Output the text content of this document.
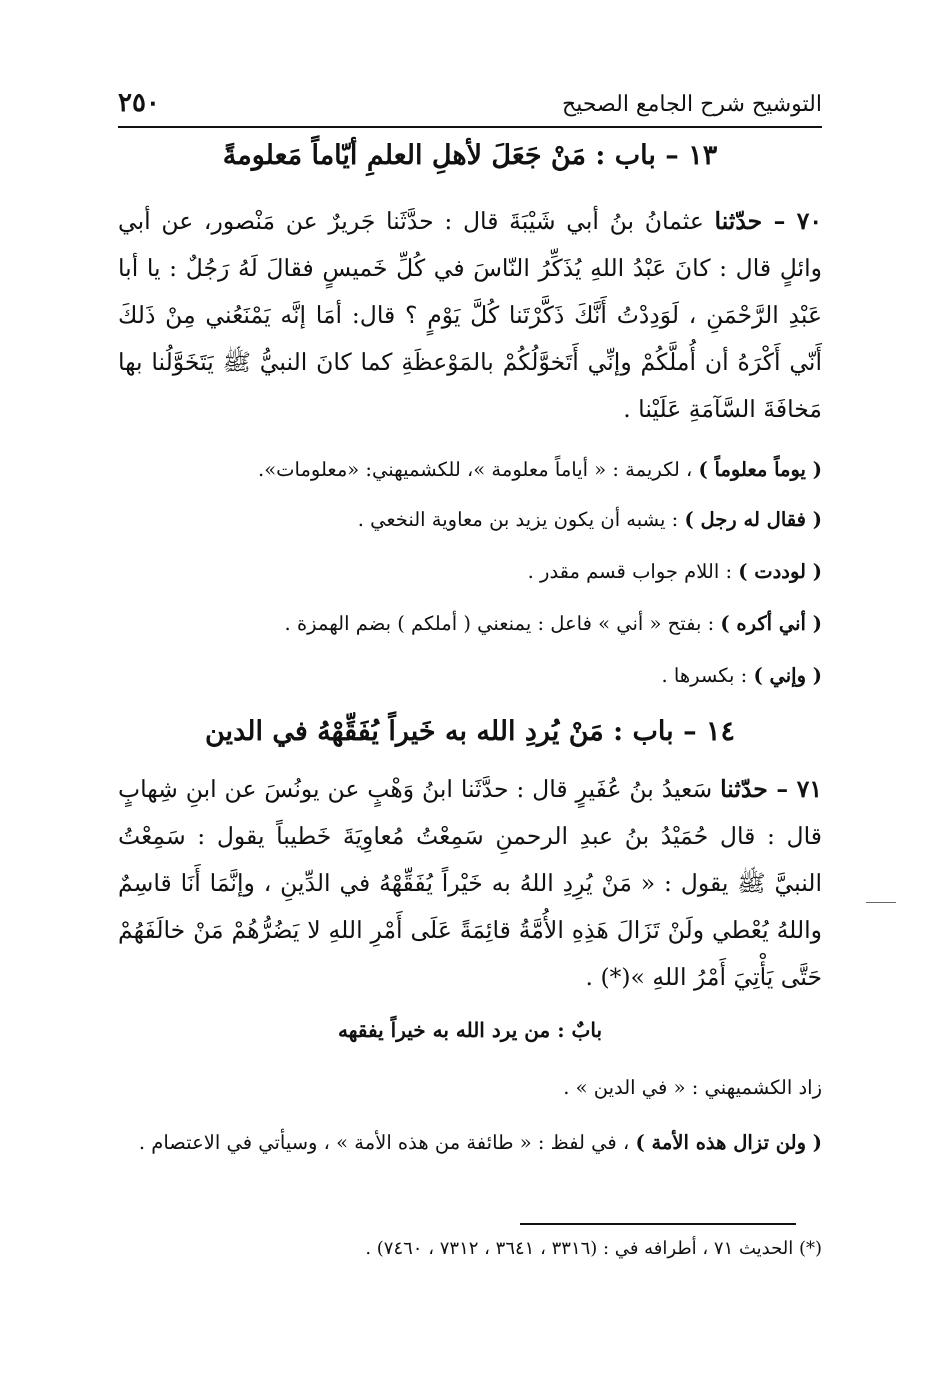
٢٥٠	التوشيح شرح الجامع الصحيح
١٣ – باب : مَنْ جَعَلَ لأهلِ العلمِ أيّاماً مَعلومةً
٧٠ – حدّثنا عثمانُ بنُ أبي شَيْبَةَ قال : حدَّثَنا جَريرٌ عن مَنْصور، عن أبي وائلٍ قال : كانَ عَبْدُ اللهِ يُذَكِّرُ النّاسَ في كُلِّ خَميسٍ فقالَ لَهُ رَجُلٌ : يا أبا عَبْدِ الرَّحْمَنِ ، لَوَدِدْتُ أَنَّكَ ذَكَّرْتَنا كُلَّ يَوْمٍ ؟ قال: أمَا إنَّه يَمْنَعُني مِنْ ذَلكَ أَنّي أَكْرَهُ أن أُملَّكُمْ وإنِّي أَتَخوَّلُكُمْ بالمَوْعظَةِ كما كانَ النبيُّ ﷺ يَتَخَوَّلُنا بها مَخافَةَ السَّآمَةِ عَلَيْنا .
( يوماً معلوماً ) ، لكريمة : « أياماً معلومة »، للكشميهني: «معلومات».
( فقال له رجل ) : يشبه أن يكون يزيد بن معاوية النخعي .
( لوددت ) : اللام جواب قسم مقدر .
( أني أكره ) : بفتح « أني » فاعل : يمنعني ( أملكم ) بضم الهمزة .
( وإني ) : بكسرها .
١٤ – باب : مَنْ يُردِ الله به خَيراً يُفَقِّهْهُ في الدين
٧١ – حدّثنا سَعيدُ بنُ عُفَيرٍ قال : حدَّثَنا ابنُ وَهْبٍ عن يونُسَ عن ابنِ شِهابٍ قال : قال حُمَيْدُ بنُ عبدِ الرحمنِ سَمِعْتُ مُعاوِيَةَ خَطيباً يقول : سَمِعْتُ النبيَّ ﷺ يقول : « مَنْ يُرِدِ اللهُ به خَيْراً يُفَقِّهْهُ في الدِّينِ ، وإنَّمَا أَنَا قاسِمٌ واللهُ يُعْطي ولَنْ تَزَالَ هَذِهِ الأُمَّةُ قائِمَةً عَلَى أَمْرِ اللهِ لا يَضُرُّهُمْ مَنْ خالَفَهُمْ حَتَّى يَأْتِيَ أَمْرُ اللهِ »(*) .
بابٌ : من يرد الله به خيراً يفقهه
زاد الكشميهني : « في الدين » .
( ولن تزال هذه الأمة ) ، في لفظ : « طائفة من هذه الأمة » ، وسيأتي في الاعتصام .
(*) الحديث ٧١ ، أطرافه في : (٣٣١٦ ، ٣٦٤١ ، ٧٣١٢ ، ٧٤٦٠) .
